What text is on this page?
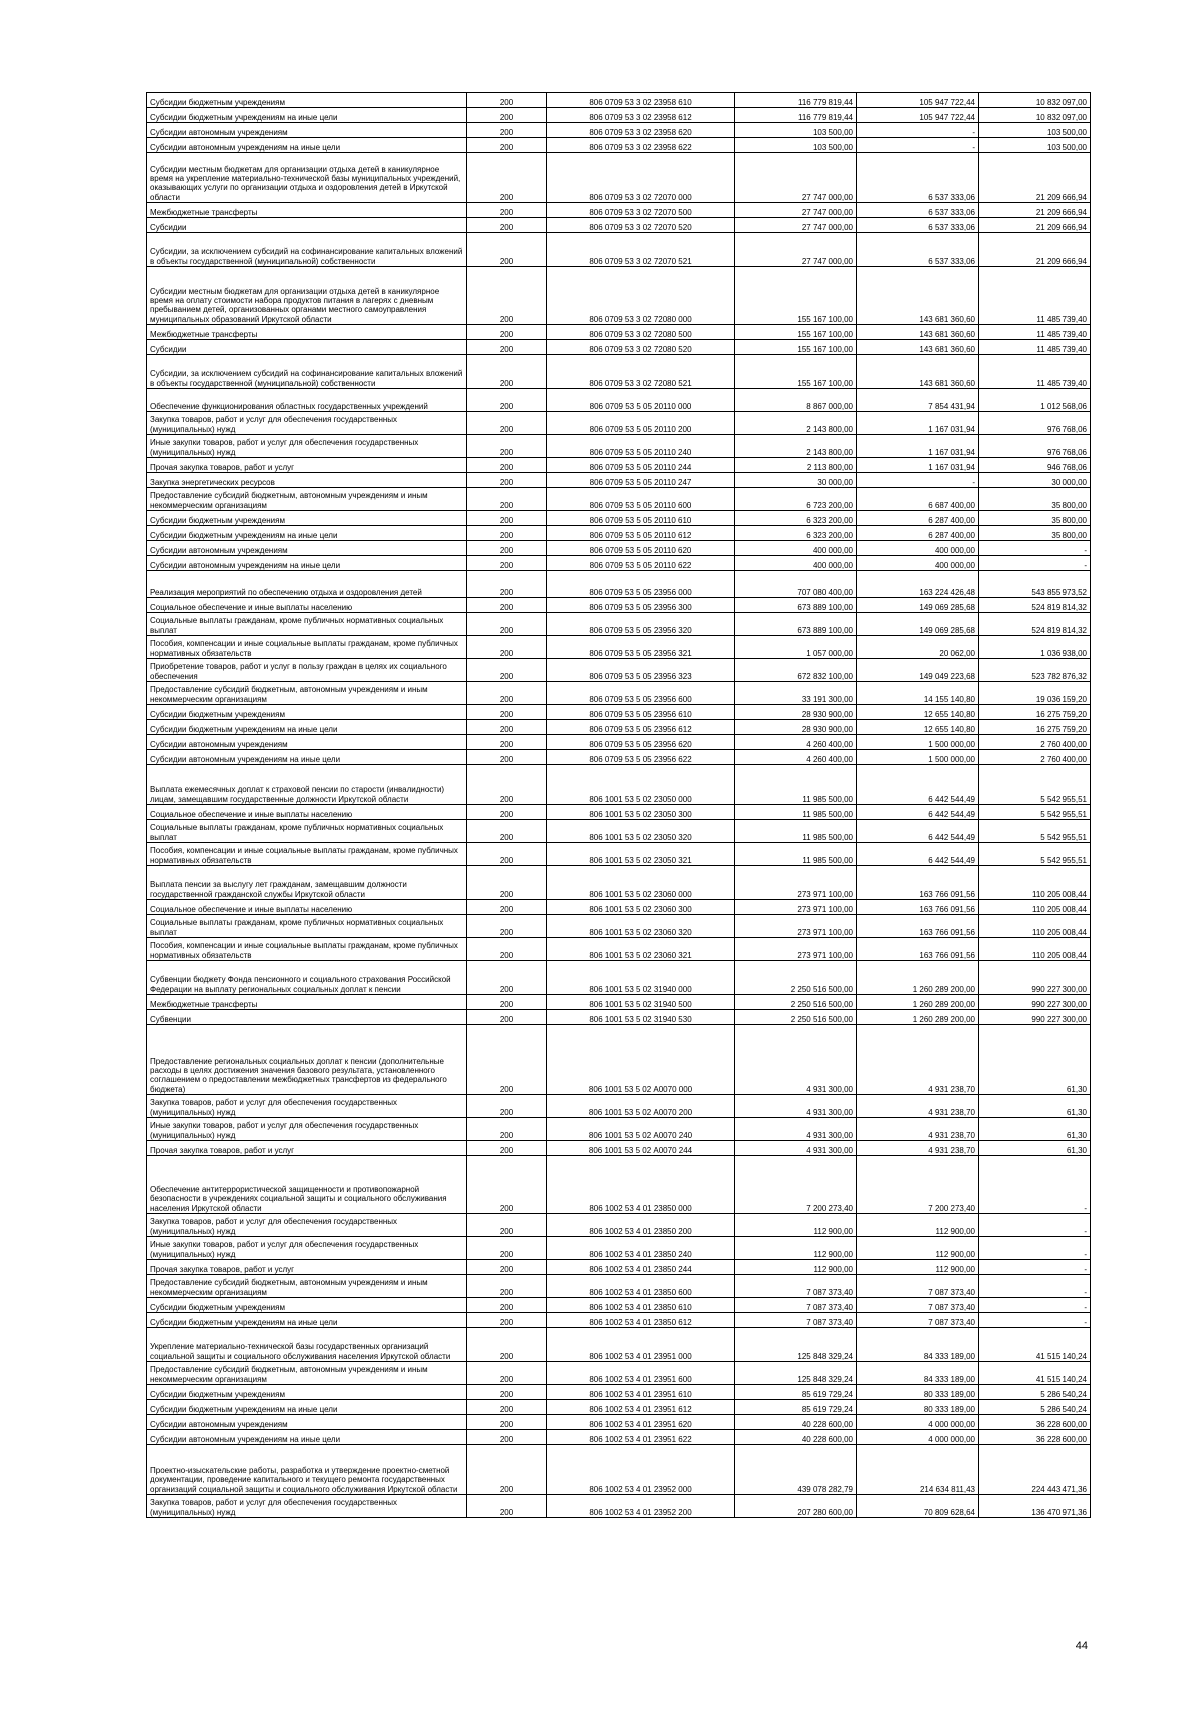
Субсидии бюджетным учреждениям	200	806 0709 53 3 02 23958 610	116 779 819,44	105 947 722,44	10 832 097,00
Субсидии бюджетным учреждениям на иные цели	200	806 0709 53 3 02 23958 612	116 779 819,44	105 947 722,44	10 832 097,00
Субсидии автономным учреждениям	200	806 0709 53 3 02 23958 620	103 500,00	-	103 500,00
Субсидии автономным учреждениям на иные цели	200	806 0709 53 3 02 23958 622	103 500,00	-	103 500,00
Субсидии местным бюджетам для организации отдыха детей в каникулярное время на укрепление материально-технической базы муниципальных учреждений, оказывающих услуги по организации отдыха и оздоровления детей в Иркутской области	200	806 0709 53 3 02 72070 000	27 747 000,00	6 537 333,06	21 209 666,94
Межбюджетные трансферты	200	806 0709 53 3 02 72070 500	27 747 000,00	6 537 333,06	21 209 666,94
Субсидии	200	806 0709 53 3 02 72070 520	27 747 000,00	6 537 333,06	21 209 666,94
Субсидии, за исключением субсидий на софинансирование капитальных вложений в объекты государственной (муниципальной) собственности	200	806 0709 53 3 02 72070 521	27 747 000,00	6 537 333,06	21 209 666,94
Субсидии местным бюджетам для организации отдыха детей в каникулярное время на оплату стоимости набора продуктов питания в лагерях с дневным пребыванием детей, организованных органами местного самоуправления муниципальных образований Иркутской области	200	806 0709 53 3 02 72080 000	155 167 100,00	143 681 360,60	11 485 739,40
Межбюджетные трансферты	200	806 0709 53 3 02 72080 500	155 167 100,00	143 681 360,60	11 485 739,40
Субсидии	200	806 0709 53 3 02 72080 520	155 167 100,00	143 681 360,60	11 485 739,40
Субсидии, за исключением субсидий на софинансирование капитальных вложений в объекты государственной (муниципальной) собственности	200	806 0709 53 3 02 72080 521	155 167 100,00	143 681 360,60	11 485 739,40
Обеспечение функционирования областных государственных учреждений	200	806 0709 53 5 05 20110 000	8 867 000,00	7 854 431,94	1 012 568,06
Закупка товаров, работ и услуг для обеспечения государственных (муниципальных) нужд	200	806 0709 53 5 05 20110 200	2 143 800,00	1 167 031,94	976 768,06
Иные закупки товаров, работ и услуг для обеспечения государственных (муниципальных) нужд	200	806 0709 53 5 05 20110 240	2 143 800,00	1 167 031,94	976 768,06
Прочая закупка товаров, работ и услуг	200	806 0709 53 5 05 20110 244	2 113 800,00	1 167 031,94	946 768,06
Закупка энергетических ресурсов	200	806 0709 53 5 05 20110 247	30 000,00	-	30 000,00
Предоставление субсидий бюджетным, автономным учреждениям и иным некоммерческим организациям	200	806 0709 53 5 05 20110 600	6 723 200,00	6 687 400,00	35 800,00
Субсидии бюджетным учреждениям	200	806 0709 53 5 05 20110 610	6 323 200,00	6 287 400,00	35 800,00
Субсидии бюджетным учреждениям на иные цели	200	806 0709 53 5 05 20110 612	6 323 200,00	6 287 400,00	35 800,00
Субсидии автономным учреждениям	200	806 0709 53 5 05 20110 620	400 000,00	400 000,00	-
Субсидии автономным учреждениям на иные цели	200	806 0709 53 5 05 20110 622	400 000,00	400 000,00	-
Реализация мероприятий по обеспечению отдыха и оздоровления детей	200	806 0709 53 5 05 23956 000	707 080 400,00	163 224 426,48	543 855 973,52
Социальное обеспечение и иные выплаты населению	200	806 0709 53 5 05 23956 300	673 889 100,00	149 069 285,68	524 819 814,32
Социальные выплаты гражданам, кроме публичных нормативных социальных выплат	200	806 0709 53 5 05 23956 320	673 889 100,00	149 069 285,68	524 819 814,32
Пособия, компенсации и иные социальные выплаты гражданам, кроме публичных нормативных обязательств	200	806 0709 53 5 05 23956 321	1 057 000,00	20 062,00	1 036 938,00
Приобретение товаров, работ и услуг в пользу граждан в целях их социального обеспечения	200	806 0709 53 5 05 23956 323	672 832 100,00	149 049 223,68	523 782 876,32
Предоставление субсидий бюджетным, автономным учреждениям и иным некоммерческим организациям	200	806 0709 53 5 05 23956 600	33 191 300,00	14 155 140,80	19 036 159,20
Субсидии бюджетным учреждениям	200	806 0709 53 5 05 23956 610	28 930 900,00	12 655 140,80	16 275 759,20
Субсидии бюджетным учреждениям на иные цели	200	806 0709 53 5 05 23956 612	28 930 900,00	12 655 140,80	16 275 759,20
Субсидии автономным учреждениям	200	806 0709 53 5 05 23956 620	4 260 400,00	1 500 000,00	2 760 400,00
Субсидии автономным учреждениям на иные цели	200	806 0709 53 5 05 23956 622	4 260 400,00	1 500 000,00	2 760 400,00
Выплата ежемесячных доплат к страховой пенсии по старости (инвалидности) лицам, замещавшим государственные должности Иркутской области	200	806 1001 53 5 02 23050 000	11 985 500,00	6 442 544,49	5 542 955,51
Социальное обеспечение и иные выплаты населению	200	806 1001 53 5 02 23050 300	11 985 500,00	6 442 544,49	5 542 955,51
Социальные выплаты гражданам, кроме публичных нормативных социальных выплат	200	806 1001 53 5 02 23050 320	11 985 500,00	6 442 544,49	5 542 955,51
Пособия, компенсации и иные социальные выплаты гражданам, кроме публичных нормативных обязательств	200	806 1001 53 5 02 23050 321	11 985 500,00	6 442 544,49	5 542 955,51
Выплата пенсии за выслугу лет гражданам, замещавшим должности государственной гражданской службы Иркутской области	200	806 1001 53 5 02 23060 000	273 971 100,00	163 766 091,56	110 205 008,44
Социальное обеспечение и иные выплаты населению	200	806 1001 53 5 02 23060 300	273 971 100,00	163 766 091,56	110 205 008,44
Социальные выплаты гражданам, кроме публичных нормативных социальных выплат	200	806 1001 53 5 02 23060 320	273 971 100,00	163 766 091,56	110 205 008,44
Пособия, компенсации и иные социальные выплаты гражданам, кроме публичных нормативных обязательств	200	806 1001 53 5 02 23060 321	273 971 100,00	163 766 091,56	110 205 008,44
Субвенции бюджету Фонда пенсионного и социального страхования Российской Федерации на выплату региональных социальных доплат к пенсии	200	806 1001 53 5 02 31940 000	2 250 516 500,00	1 260 289 200,00	990 227 300,00
Межбюджетные трансферты	200	806 1001 53 5 02 31940 500	2 250 516 500,00	1 260 289 200,00	990 227 300,00
Субвенции	200	806 1001 53 5 02 31940 530	2 250 516 500,00	1 260 289 200,00	990 227 300,00
Предоставление региональных социальных доплат к пенсии (дополнительные расходы в целях достижения значения базового результата, установленного соглашением о предоставлении межбюджетных трансфертов из федерального бюджета)	200	806 1001 53 5 02 А0070 000	4 931 300,00	4 931 238,70	61,30
Закупка товаров, работ и услуг для обеспечения государственных (муниципальных) нужд	200	806 1001 53 5 02 А0070 200	4 931 300,00	4 931 238,70	61,30
Иные закупки товаров, работ и услуг для обеспечения государственных (муниципальных) нужд	200	806 1001 53 5 02 А0070 240	4 931 300,00	4 931 238,70	61,30
Прочая закупка товаров, работ и услуг	200	806 1001 53 5 02 А0070 244	4 931 300,00	4 931 238,70	61,30
Обеспечение антитеррористической защищенности и противопожарной безопасности в учреждениях социальной защиты и социального обслуживания населения Иркутской области	200	806 1002 53 4 01 23850 000	7 200 273,40	7 200 273,40	-
Закупка товаров, работ и услуг для обеспечения государственных (муниципальных) нужд	200	806 1002 53 4 01 23850 200	112 900,00	112 900,00	-
Иные закупки товаров, работ и услуг для обеспечения государственных (муниципальных) нужд	200	806 1002 53 4 01 23850 240	112 900,00	112 900,00	-
Прочая закупка товаров, работ и услуг	200	806 1002 53 4 01 23850 244	112 900,00	112 900,00	-
Предоставление субсидий бюджетным, автономным учреждениям и иным некоммерческим организациям	200	806 1002 53 4 01 23850 600	7 087 373,40	7 087 373,40	-
Субсидии бюджетным учреждениям	200	806 1002 53 4 01 23850 610	7 087 373,40	7 087 373,40	-
Субсидии бюджетным учреждениям на иные цели	200	806 1002 53 4 01 23850 612	7 087 373,40	7 087 373,40	-
Укрепление материально-технической базы государственных организаций социальной защиты и социального обслуживания населения Иркутской области	200	806 1002 53 4 01 23951 000	125 848 329,24	84 333 189,00	41 515 140,24
Предоставление субсидий бюджетным, автономным учреждениям и иным некоммерческим организациям	200	806 1002 53 4 01 23951 600	125 848 329,24	84 333 189,00	41 515 140,24
Субсидии бюджетным учреждениям	200	806 1002 53 4 01 23951 610	85 619 729,24	80 333 189,00	5 286 540,24
Субсидии бюджетным учреждениям на иные цели	200	806 1002 53 4 01 23951 612	85 619 729,24	80 333 189,00	5 286 540,24
Субсидии автономным учреждениям	200	806 1002 53 4 01 23951 620	40 228 600,00	4 000 000,00	36 228 600,00
Субсидии автономным учреждениям на иные цели	200	806 1002 53 4 01 23951 622	40 228 600,00	4 000 000,00	36 228 600,00
Проектно-изыскательские работы, разработка и утверждение проектно-сметной документации, проведение капитального и текущего ремонта государственных организаций социальной защиты и социального обслуживания Иркутской области	200	806 1002 53 4 01 23952 000	439 078 282,79	214 634 811,43	224 443 471,36
Закупка товаров, работ и услуг для обеспечения государственных (муниципальных) нужд	200	806 1002 53 4 01 23952 200	207 280 600,00	70 809 628,64	136 470 971,36
44
